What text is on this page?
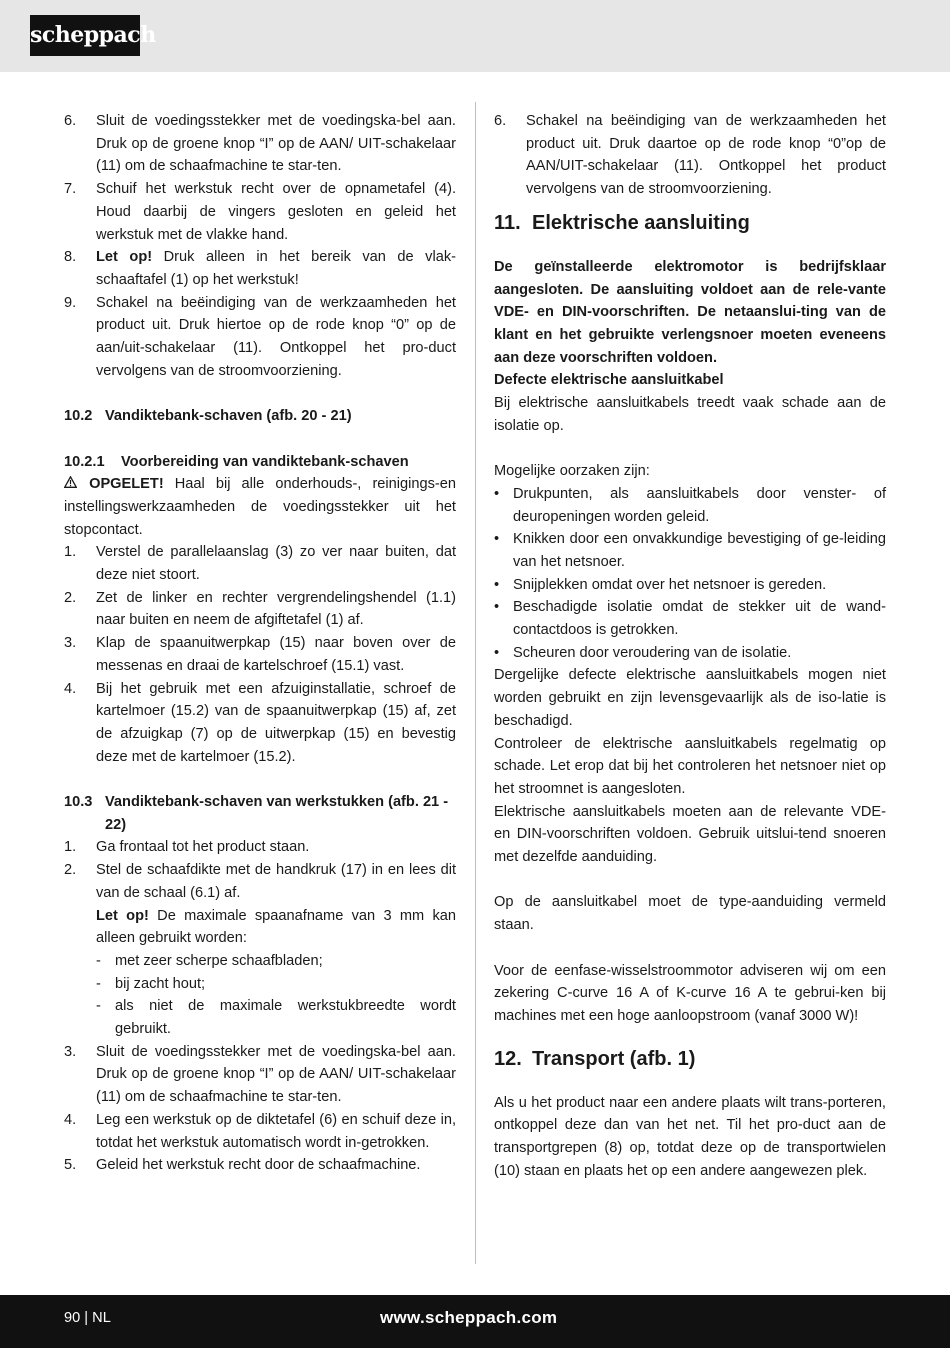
scheppach
6.	Sluit de voedingsstekker met de voedingska-bel aan. Druk op de groene knop “I” op de AAN/ UIT-schakelaar (11) om de schaafmachine te star-ten.
7.	Schuif het werkstuk recht over de opnametafel (4). Houd daarbij de vingers gesloten en geleid het werkstuk met de vlakke hand.
8.	Let op! Druk alleen in het bereik van de vlak-schaaftafel (1) op het werkstuk!
9.	Schakel na beëindiging van de werkzaamheden het product uit. Druk hiertoe op de rode knop “0” op de aan/uit-schakelaar (11). Ontkoppel het pro-duct vervolgens van de stroomvoorziening.
10.2 Vandiktebank-schaven (afb. 20 - 21)
10.2.1	Voorbereiding van vandiktebank-schaven

OPGELET! Haal bij alle onderhouds-, reinigings-en instellingswerkzaamheden de voedingsstekker uit het stopcontact.

1.	Verstel de parallelaanslag (3) zo ver naar buiten, dat deze niet stoort.
2.	Zet de linker en rechter vergrendelingshendel (1.1) naar buiten en neem de afgiftetafel (1) af.
3.	Klap de spaanuitwerpkap (15) naar boven over de messenas en draai de kartelschroef (15.1) vast.
4.	Bij het gebruik met een afzuiginstallatie, schroef de kartelmoer (15.2) van de spaanuitwerpkap (15) af, zet de afzuigkap (7) op de uitwerpkap (15) en bevestig deze met de kartelmoer (15.2).
10.3 Vandiktebank-schaven van werkstukken (afb. 21 - 22)
1.	Ga frontaal tot het product staan.
2.	Stel de schaafdikte met de handkruk (17) in en lees dit van de schaal (6.1) af.
Let op! De maximale spaanafname van 3 mm kan alleen gebruikt worden:
- met zeer scherpe schaafbladen;
- bij zacht hout;
- als niet de maximale werkstukbreedte wordt gebruikt.
3.	Sluit de voedingsstekker met de voedingska-bel aan. Druk op de groene knop “I” op de AAN/ UIT-schakelaar (11) om de schaafmachine te star-ten.
4.	Leg een werkstuk op de diktetafel (6) en schuif deze in, totdat het werkstuk automatisch wordt in-getrokken.
5.	Geleid het werkstuk recht door de schaafmachine.
6.	Schakel na beëindiging van de werkzaamheden het product uit. Druk daartoe op de rode knop “0”op de AAN/UIT-schakelaar (11). Ontkoppel het product vervolgens van de stroomvoorziening.
11. Elektrische aansluiting

De geïnstalleerde elektromotor is bedrijfsklaar aangesloten. De aansluiting voldoet aan de rele-vante VDE- en DIN-voorschriften. De netaanslui-ting van de klant en het gebruikte verlengsnoer moeten eveneens aan deze voorschriften voldoen.

Defecte elektrische aansluitkabel

Bij elektrische aansluitkabels treedt vaak schade aan de isolatie op.

Mogelijke oorzaken zijn:

• Drukpunten, als aansluitkabels door venster- of deuropeningen worden geleid.
• Knikken door een onvakkundige bevestiging of ge-leiding van het netsnoer.
• Snijplekken omdat over het netsnoer is gereden.
• Beschadigde isolatie omdat de stekker uit de wand-contactdoos is getrokken.
• Scheuren door veroudering van de isolatie.

Dergelijke defecte elektrische aansluitkabels mogen niet worden gebruikt en zijn levensgevaarlijk als de iso-latie is beschadigd.

Controleer de elektrische aansluitkabels regelmatig op schade. Let erop dat bij het controleren het netsnoer niet op het stroomnet is aangesloten.

Elektrische aansluitkabels moeten aan de relevante VDE- en DIN-voorschriften voldoen. Gebruik uitslui-tend snoeren met dezelfde aanduiding.

Op de aansluitkabel moet de type-aanduiding vermeld staan.

Voor de eenfase-wisselstroommotor adviseren wij om een zekering C-curve 16 A of K-curve 16 A te gebrui-ken bij machines met een hoge aanloopstroom (vanaf 3000 W)!

12. Transport (afb. 1)

Als u het product naar een andere plaats wilt trans-porteren, ontkoppel deze dan van het net. Til het pro-duct aan de transportgrepen (8) op, totdat deze op de transportwielen (10) staan en plaats het op een andere aangewezen plek.

90 | NL	www.scheppach.com
